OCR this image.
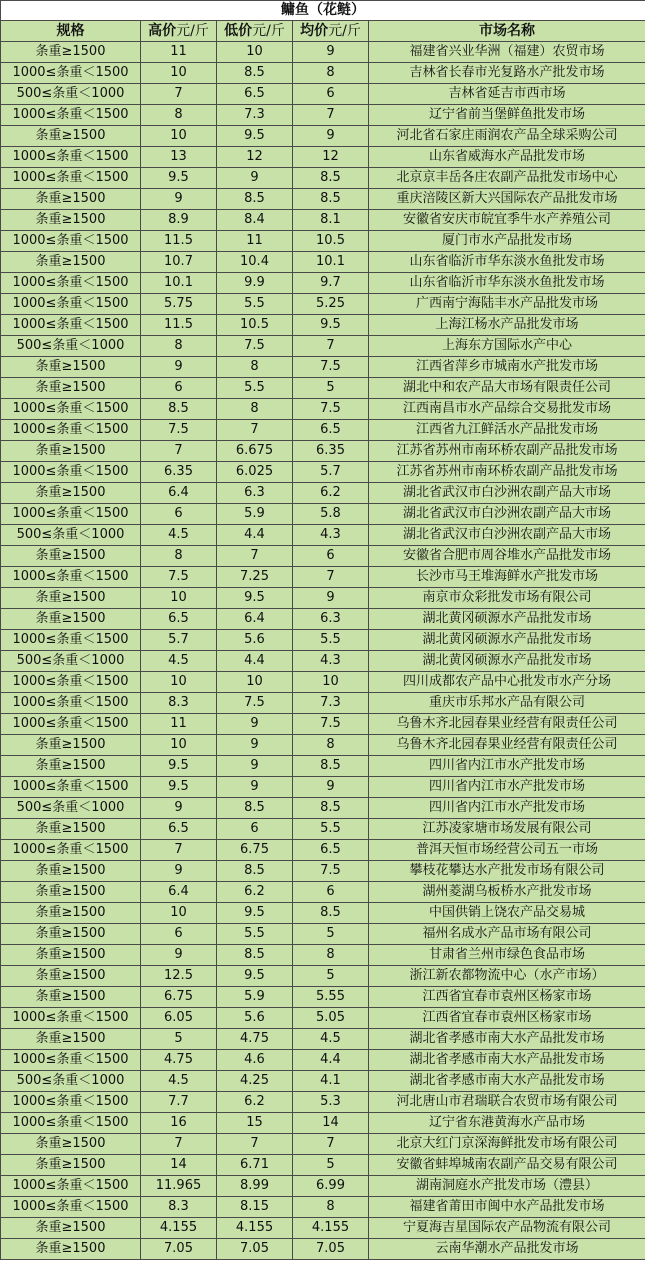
鳙鱼（花鲢）				
规格	高价元/斤	低价元/斤	均价元/斤	市场名称
条重≥1500	11	10	9	福建省兴业华洲（福建）农贸市场
1000≤条重＜1500	10	8.5	8	吉林省长春市光复路水产批发市场
500≤条重＜1000	7	6.5	6	吉林省延吉市西市场
1000≤条重＜1500	8	7.3	7	辽宁省前当堡鲜鱼批发市场
条重≥1500	10	9.5	9	河北省石家庄雨润农产品全球采购公司
1000≤条重＜1500	13	12	12	山东省威海水产品批发市场
1000≤条重＜1500	9.5	9	8.5	北京京丰岳各庄农副产品批发市场中心
条重≥1500	9	8.5	8.5	重庆涪陵区新大兴国际农产品批发市场
条重≥1500	8.9	8.4	8.1	安徽省安庆市皖宜季牛水产养殖公司
1000≤条重＜1500	11.5	11	10.5	厦门市水产品批发市场
条重≥1500	10.7	10.4	10.1	山东省临沂市华东淡水鱼批发市场
1000≤条重＜1500	10.1	9.9	9.7	山东省临沂市华东淡水鱼批发市场
1000≤条重＜1500	5.75	5.5	5.25	广西南宁海陆丰水产品批发市场
1000≤条重＜1500	11.5	10.5	9.5	上海江杨水产品批发市场
500≤条重＜1000	8	7.5	7	上海东方国际水产中心
条重≥1500	9	8	7.5	江西省萍乡市城南水产批发市场
条重≥1500	6	5.5	5	湖北中和农产品大市场有限责任公司
1000≤条重＜1500	8.5	8	7.5	江西南昌市水产品综合交易批发市场
1000≤条重＜1500	7.5	7	6.5	江西省九江鲜活水产品批发市场
条重≥1500	7	6.675	6.35	江苏省苏州市南环桥农副产品批发市场
1000≤条重＜1500	6.35	6.025	5.7	江苏省苏州市南环桥农副产品批发市场
条重≥1500	6.4	6.3	6.2	湖北省武汉市白沙洲农副产品大市场
1000≤条重＜1500	6	5.9	5.8	湖北省武汉市白沙洲农副产品大市场
500≤条重＜1000	4.5	4.4	4.3	湖北省武汉市白沙洲农副产品大市场
条重≥1500	8	7	6	安徽省合肥市周谷堆水产品批发市场
1000≤条重＜1500	7.5	7.25	7	长沙市马王堆海鲜水产批发市场
条重≥1500	10	9.5	9	南京市众彩批发市场有限公司
条重≥1500	6.5	6.4	6.3	湖北黄冈硕源水产品批发市场
1000≤条重＜1500	5.7	5.6	5.5	湖北黄冈硕源水产品批发市场
500≤条重＜1000	4.5	4.4	4.3	湖北黄冈硕源水产品批发市场
1000≤条重＜1500	10	10	10	四川成都农产品中心批发市水产分场
1000≤条重＜1500	8.3	7.5	7.3	重庆市乐邦水产品有限公司
1000≤条重＜1500	11	9	7.5	乌鲁木齐北园春果业经营有限责任公司
条重≥1500	10	9	8	乌鲁木齐北园春果业经营有限责任公司
条重≥1500	9.5	9	8.5	四川省内江市水产批发市场
1000≤条重＜1500	9.5	9	9	四川省内江市水产批发市场
500≤条重＜1000	9	8.5	8.5	四川省内江市水产批发市场
条重≥1500	6.5	6	5.5	江苏凌家塘市场发展有限公司
1000≤条重＜1500	7	6.75	6.5	普洱天恒市场经营公司五一市场
条重≥1500	9	8.5	7.5	攀枝花攀达水产批发市场有限公司
条重≥1500	6.4	6.2	6	湖州菱湖乌板桥水产批发市场
条重≥1500	10	9.5	8.5	中国供销上饶农产品交易城
条重≥1500	6	5.5	5	福州名成水产品市场有限公司
条重≥1500	9	8.5	8	甘肃省兰州市绿色食品市场
条重≥1500	12.5	9.5	5	浙江新农都物流中心（水产市场）
条重≥1500	6.75	5.9	5.55	江西省宜春市袁州区杨家市场
1000≤条重＜1500	6.05	5.6	5.05	江西省宜春市袁州区杨家市场
条重≥1500	5	4.75	4.5	湖北省孝感市南大水产品批发市场
1000≤条重＜1500	4.75	4.6	4.4	湖北省孝感市南大水产品批发市场
500≤条重＜1000	4.5	4.25	4.1	湖北省孝感市南大水产品批发市场
1000≤条重＜1500	7.7	6.2	5.3	河北唐山市君瑞联合农贸市场有限公司
1000≤条重＜1500	16	15	14	辽宁省东港黄海水产品市场
条重≥1500	7	7	7	北京大红门京深海鲜批发市场有限公司
条重≥1500	14	6.71	5	安徽省蚌埠城南农副产品交易有限公司
1000≤条重＜1500	11.965	8.99	6.99	湖南洞庭水产批发市场（澧县）
1000≤条重＜1500	8.3	8.15	8	福建省莆田市闽中水产品批发市场
条重≥1500	4.155	4.155	4.155	宁夏海吉星国际农产品物流有限公司
条重≥1500	7.05	7.05	7.05	云南华潮水产品批发市场
